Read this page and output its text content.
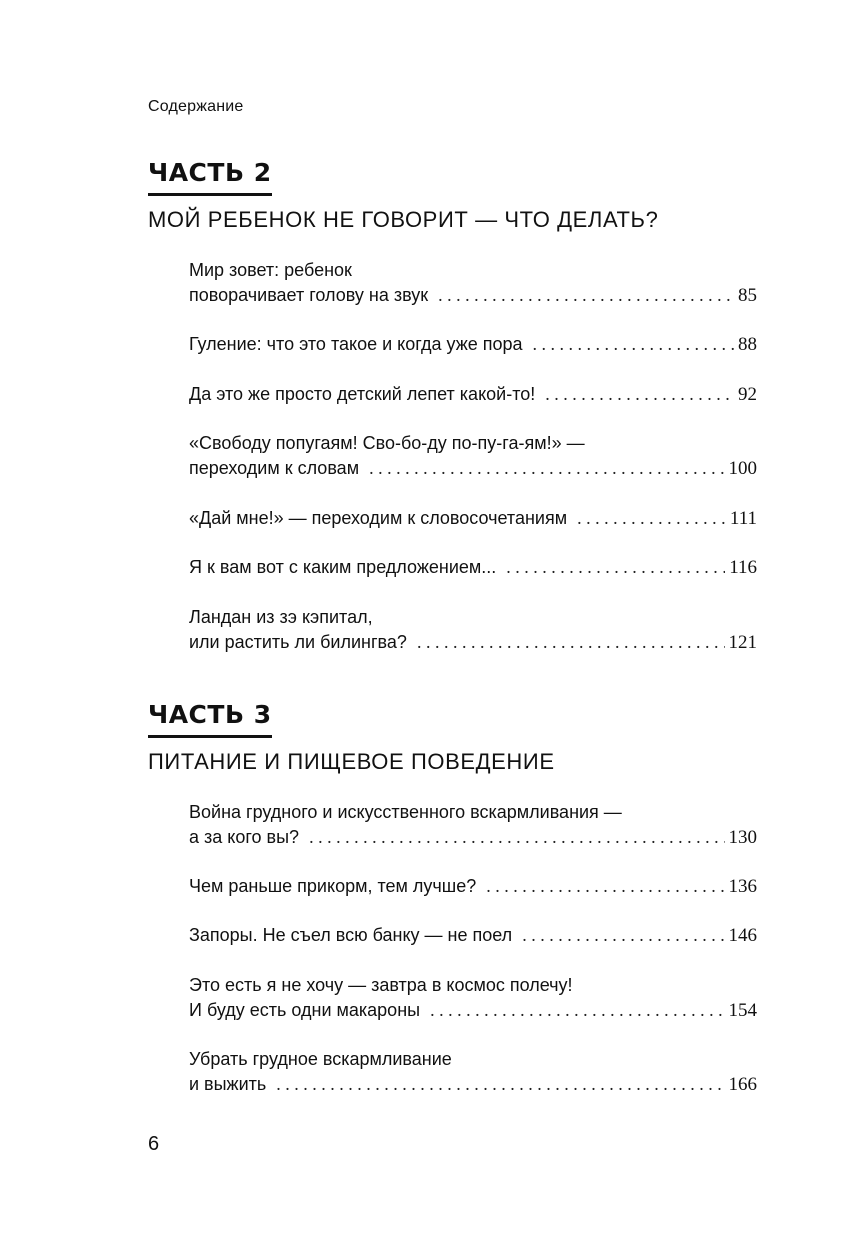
Содержание
ЧАСТЬ 2
МОЙ РЕБЕНОК НЕ ГОВОРИТ — ЧТО ДЕЛАТЬ?
Мир зовет: ребенок
поворачивает голову на звук . . .	85
Гуление: что это такое и когда уже пора . . .	88
Да это же просто детский лепет какой-то! . . .	92
«Свободу попугаям! Сво-бо-ду по-пу-га-ям!» —
переходим к словам . . .	100
«Дай мне!» — переходим к словосочетаниям . . .	111
Я к вам вот с каким предложением... . . .	116
Ландан из зэ кэпитал,
или растить ли билингва? . . .	121
ЧАСТЬ 3
ПИТАНИЕ И ПИЩЕВОЕ ПОВЕДЕНИЕ
Война грудного и искусственного вскармливания —
а за кого вы? . . .	130
Чем раньше прикорм, тем лучше? . . .	136
Запоры. Не съел всю банку — не поел . . .	146
Это есть я не хочу — завтра в космос полечу!
И буду есть одни макароны . . .	154
Убрать грудное вскармливание
и выжить . . .	166
6
